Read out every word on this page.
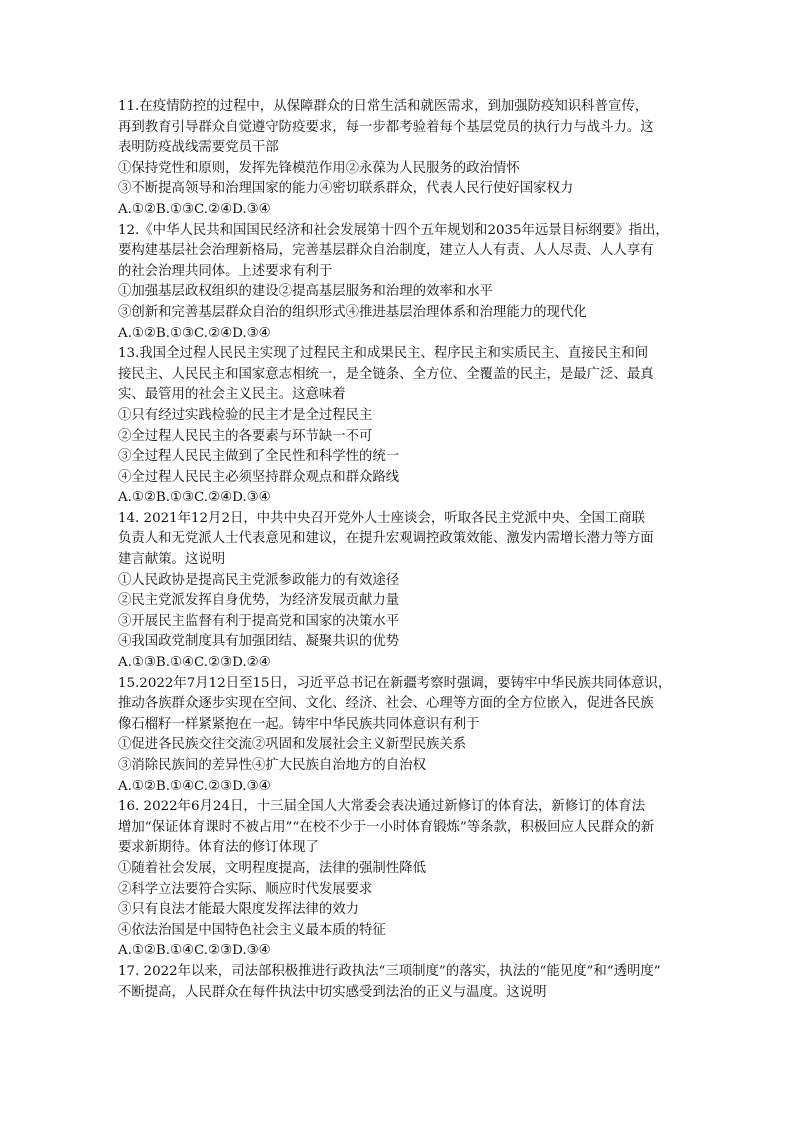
11.在疫情防控的过程中，从保障群众的日常生活和就医需求，到加强防疫知识科普宣传，
再到教育引导群众自觉遵守防疫要求，每一步都考验着每个基层党员的执行力与战斗力。这
表明防疫战线需要党员干部
①保持党性和原则，发挥先锋模范作用②永葆为人民服务的政治情怀
③不断提高领导和治理国家的能力④密切联系群众，代表人民行使好国家权力
A.①②B.①③C.②④D.③④
12.《中华人民共和国国民经济和社会发展第十四个五年规划和2035年远景目标纲要》指出，
要构建基层社会治理新格局，完善基层群众自治制度，建立人人有责、人人尽责、人人享有
的社会治理共同体。上述要求有利于
①加强基层政权组织的建设②提高基层服务和治理的效率和水平
③创新和完善基层群众自治的组织形式④推进基层治理体系和治理能力的现代化
A.①②B.①③C.②④D.③④
13.我国全过程人民民主实现了过程民主和成果民主、程序民主和实质民主、直接民主和间
接民主、人民民主和国家意志相统一，是全链条、全方位、全覆盖的民主，是最广泛、最真
实、最管用的社会主义民主。这意味着
①只有经过实践检验的民主才是全过程民主
②全过程人民民主的各要素与环节缺一不可
③全过程人民民主做到了全民性和科学性的统一
④全过程人民民主必须坚持群众观点和群众路线
A.①②B.①③C.②④D.③④
14. 2021年12月2日，中共中央召开党外人士座谈会，听取各民主党派中央、全国工商联
负责人和无党派人士代表意见和建议，在提升宏观调控政策效能、激发内需增长潜力等方面
建言献策。这说明
①人民政协是提高民主党派参政能力的有效途径
②民主党派发挥自身优势，为经济发展贡献力量
③开展民主监督有利于提高党和国家的决策水平
④我国政党制度具有加强团结、凝聚共识的优势
A.①③B.①④C.②③D.②④
15.2022年7月12日至15日，习近平总书记在新疆考察时强调，要铸牢中华民族共同体意识，
推动各族群众逐步实现在空间、文化、经济、社会、心理等方面的全方位嵌入，促进各民族
像石榴籽一样紧紧抱在一起。铸牢中华民族共同体意识有利于
①促进各民族交往交流②巩固和发展社会主义新型民族关系
③消除民族间的差异性④扩大民族自治地方的自治权
A.①②B.①④C.②③D.③④
16. 2022年6月24日，十三届全国人大常委会表决通过新修订的体育法，新修订的体育法
增加“保证体育课时不被占用”“在校不少于一小时体育锻炼”等条款，积极回应人民群众的新
要求新期待。体育法的修订体现了
①随着社会发展，文明程度提高，法律的强制性降低
②科学立法要符合实际、顺应时代发展要求
③只有良法才能最大限度发挥法律的效力
④依法治国是中国特色社会主义最本质的特征
A.①②B.①④C.②③D.③④
17. 2022年以来，司法部积极推进行政执法“三项制度”的落实，执法的“能见度”和“透明度”
不断提高，人民群众在每件执法中切实感受到法治的正义与温度。这说明
